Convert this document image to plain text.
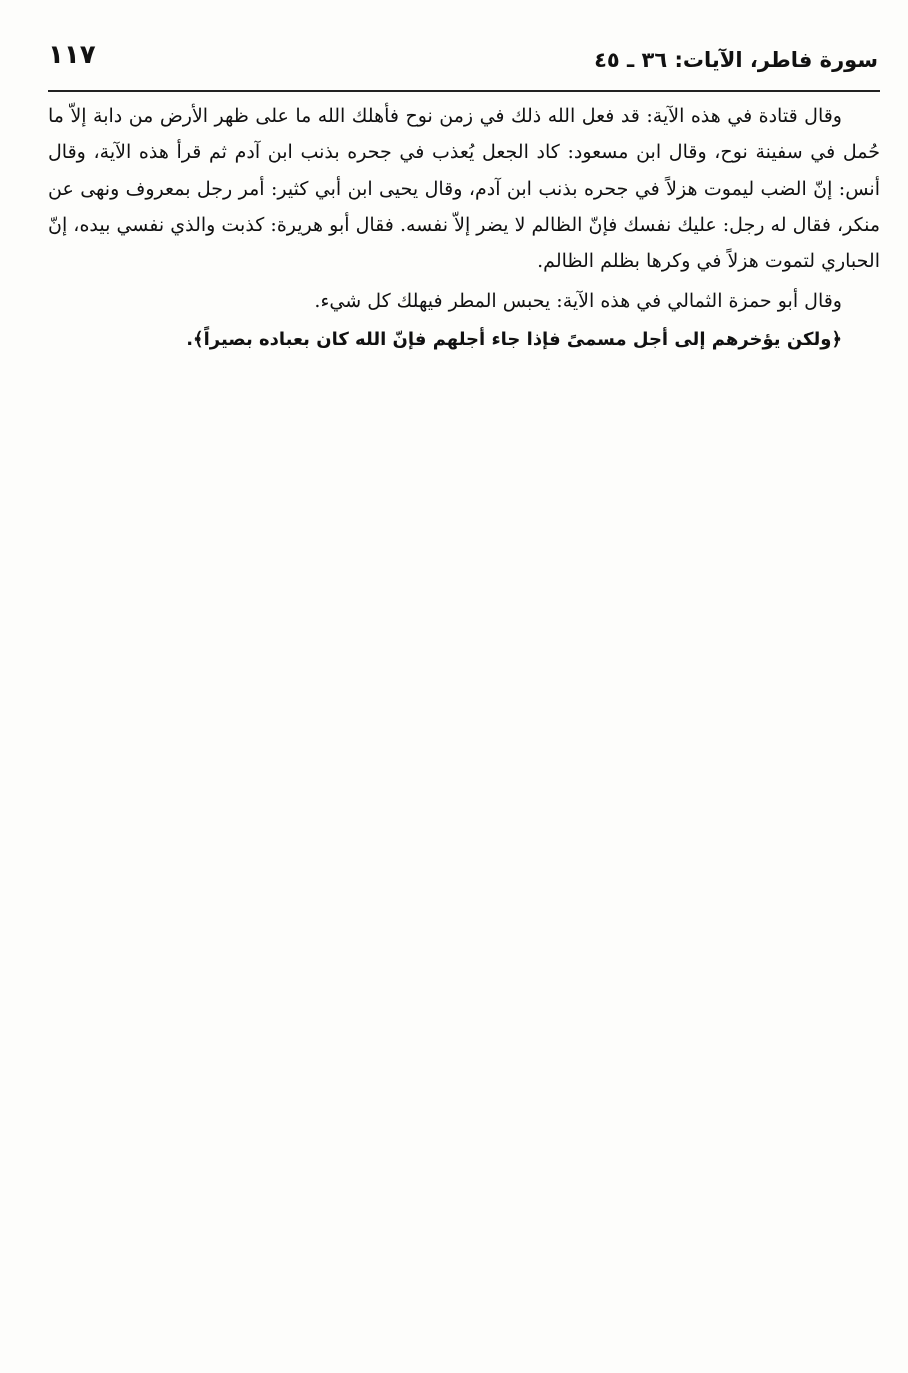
سورة فاطر، الآيات: ٣٦ ـ ٤٥
١١٧

وقال قتادة في هذه الآية: قد فعل الله ذلك في زمن نوح فأهلك الله ما على ظهر الأرض من دابة إلاّ ما حُمل في سفينة نوح، وقال ابن مسعود: كاد الجعل يُعذب في جحره بذنب ابن آدم ثم قرأ هذه الآية، وقال أنس: إنّ الضب ليموت هزلاً في جحره بذنب ابن آدم، وقال يحيى ابن أبي كثير: أمر رجل بمعروف ونهى عن منكر، فقال له رجل: عليك نفسك فإنّ الظالم لا يضر إلاّ نفسه. فقال أبو هريرة: كذبت والذي نفسي بيده، إنّ الحباري لتموت هزلاً في وكرها بظلم الظالم.

وقال أبو حمزة الثمالي في هذه الآية: يحبس المطر فيهلك كل شيء.

﴿ولكن يؤخرهم إلى أجل مسمىً فإذا جاء أجلهم فإنّ الله كان بعباده بصيراً﴾.
